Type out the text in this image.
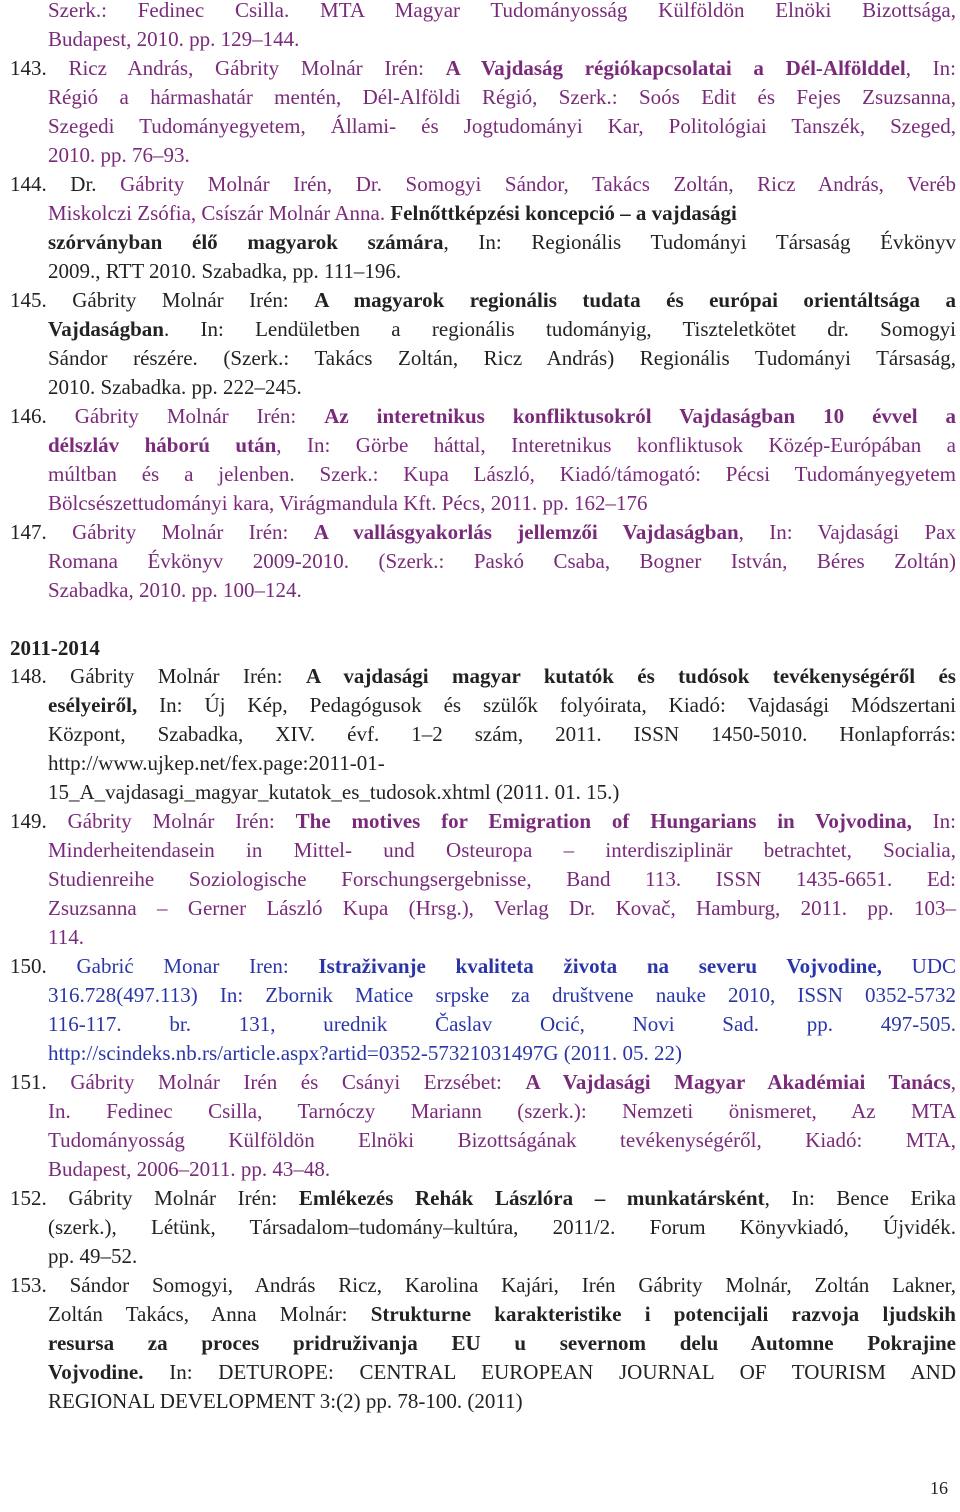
Szerk.: Fedinec Csilla. MTA Magyar Tudományosság Külföldön Elnöki Bizottsága,
Budapest, 2010. pp. 129–144.
143. Ricz András, Gábrity Molnár Irén: A Vajdaság régiókapcsolatai a Dél-Alfölddel, In:
Régió a hármashatár mentén, Dél-Alföldi Régió, Szerk.: Soós Edit és Fejes Zsuzsanna,
Szegedi Tudományegyetem, Állami- és Jogtudományi Kar, Politológiai Tanszék, Szeged,
2010. pp. 76–93.
144. Dr. Gábrity Molnár Irén, Dr. Somogyi Sándor, Takács Zoltán, Ricz András, Veréb
Miskolczi Zsófia, Csíszár Molnár Anna. Felnőttképzési koncepció – a vajdasági
szórványban élő magyarok számára, In: Regionális Tudományi Társaság Évkönyv
2009., RTT 2010. Szabadka, pp. 111–196.
145. Gábrity Molnár Irén: A magyarok regionális tudata és európai orientáltsága a
Vajdaságban. In: Lendületben a regionális tudományig, Tiszteletkötet dr. Somogyi
Sándor részére. (Szerk.: Takács Zoltán, Ricz András) Regionális Tudományi Társaság,
2010. Szabadka. pp. 222–245.
146. Gábrity Molnár Irén: Az interetnikus konfliktusokról Vajdaságban 10 évvel a
délszláv háború után, In: Görbe háttal, Interetnikus konfliktusok Közép-Európában a
múltban és a jelenben. Szerk.: Kupa László, Kiadó/támogató: Pécsi Tudományegyetem
Bölcsészettudományi kara, Virágmandula Kft. Pécs, 2011. pp. 162–176
147. Gábrity Molnár Irén: A vallásgyakorlás jellemzői Vajdaságban, In: Vajdasági Pax
Romana Évkönyv 2009-2010. (Szerk.: Paskó Csaba, Bogner István, Béres Zoltán)
Szabadka, 2010. pp. 100–124.
148. Gábrity Molnár Irén: A vajdasági magyar kutatók és tudósok tevékenységéről és
esélyeiről, In: Új Kép, Pedagógusok és szülők folyóirata, Kiadó: Vajdasági Módszertani
Központ, Szabadka, XIV. évf. 1–2 szám, 2011. ISSN 1450-5010. Honlapforrás:
http://www.ujkep.net/fex.page:2011-01-
15_A_vajdasagi_magyar_kutatok_es_tudosok.xhtml (2011. 01. 15.)
149. Gábrity Molnár Irén: The motives for Emigration of Hungarians in Vojvodina, In:
Minderheitendasein in Mittel- und Osteuropa – interdisziplinär betrachtet, Socialia,
Studienreihe Soziologische Forschungsergebnisse, Band 113. ISSN 1435-6651. Ed:
Zsuzsanna – Gerner László Kupa (Hrsg.), Verlag Dr. Kovač, Hamburg, 2011. pp. 103–
114.
150. Gabrić Monar Iren: Istraživanje kvaliteta života na severu Vojvodine, UDC
316.728(497.113) In: Zbornik Matice srpske za društvene nauke 2010, ISSN 0352-5732
116-117. br. 131, urednik Časlav Ocić, Novi Sad. pp. 497-505.
http://scindeks.nb.rs/article.aspx?artid=0352-57321031497G (2011. 05. 22)
151. Gábrity Molnár Irén és Csányi Erzsébet: A Vajdasági Magyar Akadémiai Tanács,
In. Fedinec Csilla, Tarnóczy Mariann (szerk.): Nemzeti önismeret, Az MTA
Tudományosság Külföldön Elnöki Bizottságának tevékenységéről, Kiadó: MTA,
Budapest, 2006–2011. pp. 43–48.
152. Gábrity Molnár Irén: Emlékezés Rehák Lászlóra – munkatársként, In: Bence Erika
(szerk.), Létünk, Társadalom–tudomány–kultúra, 2011/2. Forum Könyvkiadó, Újvidék.
pp. 49–52.
153. Sándor Somogyi, András Ricz, Karolina Kajári, Irén Gábrity Molnár, Zoltán Lakner,
Zoltán Takács, Anna Molnár: Strukturne karakteristike i potencijali razvoja ljudskih
resursa za proces pridruživanja EU u severnom delu Automne Pokrajine
Vojvodine. In: DETUROPE: CENTRAL EUROPEAN JOURNAL OF TOURISM AND
REGIONAL DEVELOPMENT 3:(2) pp. 78-100. (2011)
2011-2014
16
